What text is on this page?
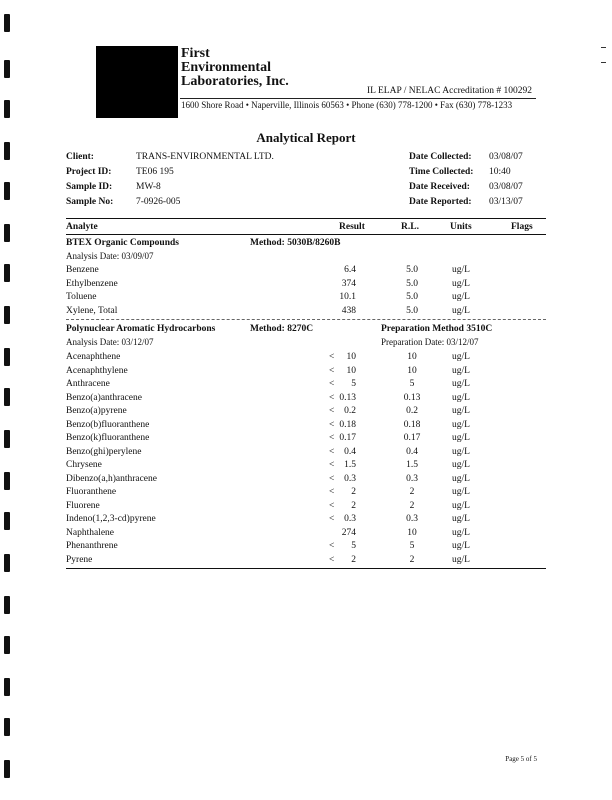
First
Environmental
Laboratories, Inc.
IL ELAP / NELAC Accreditation # 100292
1600 Shore Road • Naperville, Illinois 60563 • Phone (630) 778-1200 • Fax (630) 778-1233
Analytical Report
Client:	TRANS-ENVIRONMENTAL LTD.
Project ID:	TE06 195
Sample ID:	MW-8
Sample No: 7-0926-005
Date Collected: 03/08/07
Time Collected: 10:40
Date Received: 03/08/07
Date Reported: 03/13/07
Analyte	Result	R.L.	Units	Flags
BTEX Organic Compounds	Method: 5030B/8260B
Analysis Date: 03/09/07
Benzene	6.4	5.0	ug/L
Ethylbenzene	374	5.0	ug/L
Toluene	10.1	5.0	ug/L
Xylene, Total	438	5.0	ug/L
Polynuclear Aromatic Hydrocarbons	Method: 8270C	Preparation Method 3510C
Analysis Date: 03/12/07	Preparation Date: 03/12/07
Acenaphthene	<	10	10	ug/L
Acenaphthylene	<	10	10	ug/L
Anthracene	<	5	5	ug/L
Benzo(a)anthracene	< 0.13	0.13	ug/L
Benzo(a)pyrene	<	0.2	0.2	ug/L
Benzo(b)fluoranthene	< 0.18	0.18	ug/L
Benzo(k)fluoranthene	< 0.17	0.17	ug/L
Benzo(ghi)perylene	<	0.4	0.4	ug/L
Chrysene	<	1.5	1.5	ug/L
Dibenzo(a,h)anthracene	<	0.3	0.3	ug/L
Fluoranthene	<	2	2	ug/L
Fluorene	<	2	2	ug/L
Indeno(1,2,3-cd)pyrene	<	0.3	0.3	ug/L
Naphthalene	274	10	ug/L
Phenanthrene	<	5	5	ug/L
Pyrene	<	2	2	ug/L
Page 5 of 5
